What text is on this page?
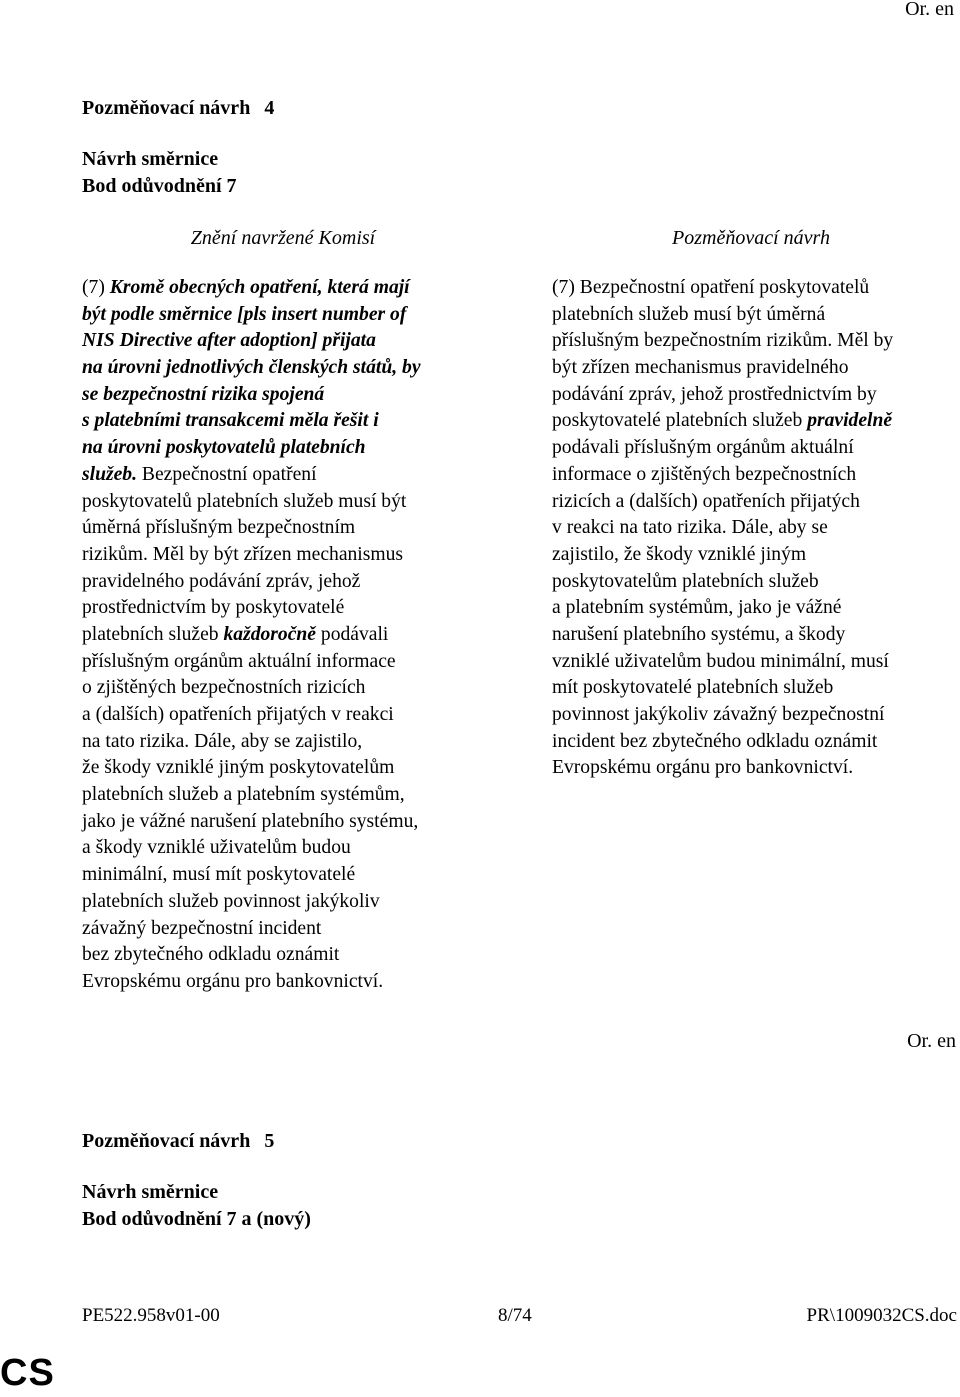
Or. en
Pozměňovací návrh 4
Návrh směrnice
Bod odůvodnění 7
Znění navržené Komisí	Pozměňovací návrh
(7) Kromě obecných opatření, která mají
být podle směrnice [pls insert number of
NIS Directive after adoption] přijata
na úrovni jednotlivých členských států, by
se bezpečnostní rizika spojená
s platebními transakcemi měla řešit i
na úrovni poskytovatelů platebních
služeb. Bezpečnostní opatření
poskytovatelů platebních služeb musí být
úměrná příslušným bezpečnostním
rizikům. Měl by být zřízen mechanismus
pravidelného podávání zpráv, jehož
prostřednictvím by poskytovatelé
platebních služeb každoročně podávali
příslušným orgánům aktuální informace
o zjištěných bezpečnostních rizicích
a (dalších) opatřeních přijatých v reakci
na tato rizika. Dále, aby se zajistilo,
že škody vzniklé jiným poskytovatelům
platebních služeb a platebním systémům,
jako je vážné narušení platebního systému,
a škody vzniklé uživatelům budou
minimální, musí mít poskytovatelé
platebních služeb povinnost jakýkoliv
závažný bezpečnostní incident
bez zbytečného odkladu oznámit
Evropskému orgánu pro bankovnictví.
(7) Bezpečnostní opatření poskytovatelů
platebních služeb musí být úměrná
příslušným bezpečnostním rizikům. Měl by
být zřízen mechanismus pravidelného
podávání zpráv, jehož prostřednictvím by
poskytovatelé platebních služeb pravidelně
podávali příslušným orgánům aktuální
informace o zjištěných bezpečnostních
rizicích a (dalších) opatřeních přijatých
v reakci na tato rizika. Dále, aby se
zajistilo, že škody vzniklé jiným
poskytovatelům platebních služeb
a platebním systémům, jako je vážné
narušení platebního systému, a škody
vzniklé uživatelům budou minimální, musí
mít poskytovatelé platebních služeb
povinnost jakýkoliv závažný bezpečnostní
incident bez zbytečného odkladu oznámit
Evropskému orgánu pro bankovnictví.
Or. en
Pozměňovací návrh 5
Návrh směrnice
Bod odůvodnění 7 a (nový)
PE522.958v01-00	8/74	PR\1009032CS.doc
CS
